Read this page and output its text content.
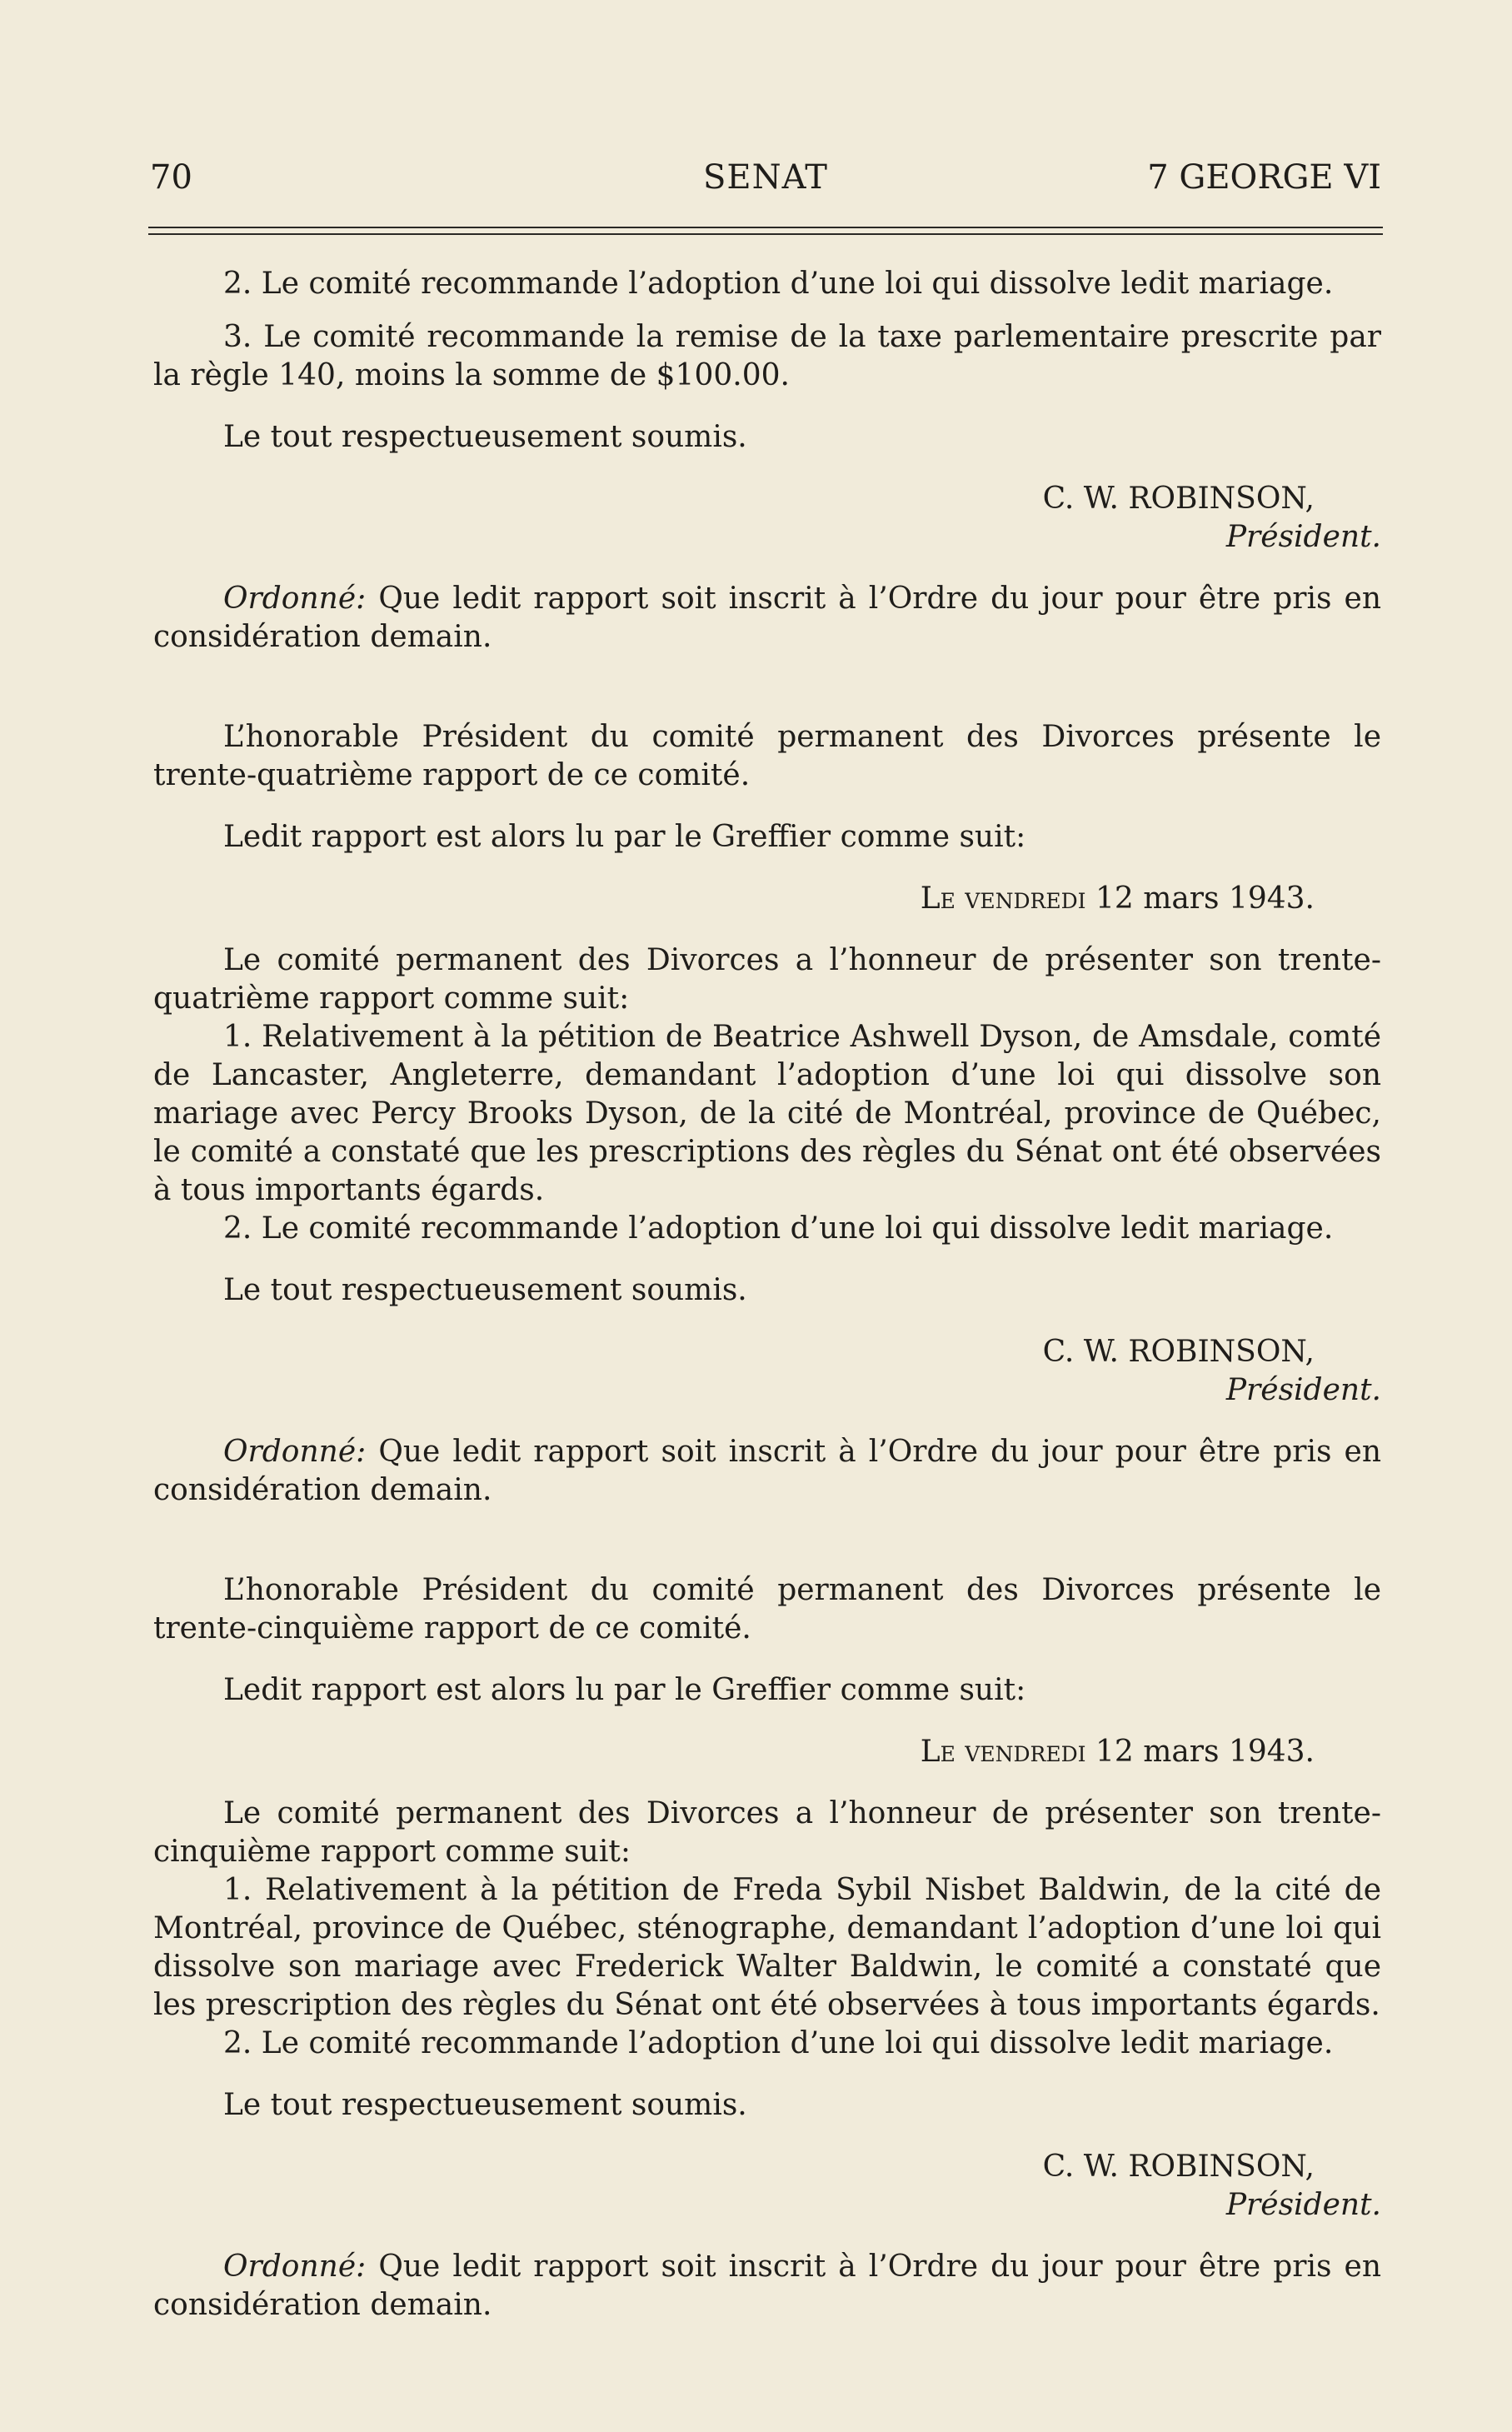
70	SENAT	7 GEORGE VI

2. Le comité recommande l’adoption d’une loi qui dissolve ledit mariage.

3. Le comité recommande la remise de la taxe parlementaire prescrite par la règle 140, moins la somme de $100.00.

Le tout respectueusement soumis.

C. W. ROBINSON,
Président.

Ordonné: Que ledit rapport soit inscrit à l’Ordre du jour pour être pris en considération demain.

L’honorable Président du comité permanent des Divorces présente le trente-quatrième rapport de ce comité.

Ledit rapport est alors lu par le Greffier comme suit:

Le vendredi 12 mars 1943.

Le comité permanent des Divorces a l’honneur de présenter son trente-quatrième rapport comme suit:

1. Relativement à la pétition de Beatrice Ashwell Dyson, de Amsdale, comté de Lancaster, Angleterre, demandant l’adoption d’une loi qui dissolve son mariage avec Percy Brooks Dyson, de la cité de Montréal, province de Québec, le comité a constaté que les prescriptions des règles du Sénat ont été observées à tous importants égards.

2. Le comité recommande l’adoption d’une loi qui dissolve ledit mariage.

Le tout respectueusement soumis.

C. W. ROBINSON,
Président.

Ordonné: Que ledit rapport soit inscrit à l’Ordre du jour pour être pris en considération demain.

L’honorable Président du comité permanent des Divorces présente le trente-cinquième rapport de ce comité.

Ledit rapport est alors lu par le Greffier comme suit:

Le vendredi 12 mars 1943.

Le comité permanent des Divorces a l’honneur de présenter son trente-cinquième rapport comme suit:

1. Relativement à la pétition de Freda Sybil Nisbet Baldwin, de la cité de Montréal, province de Québec, sténographe, demandant l’adoption d’une loi qui dissolve son mariage avec Frederick Walter Baldwin, le comité a constaté que les prescription des règles du Sénat ont été observées à tous importants égards.

2. Le comité recommande l’adoption d’une loi qui dissolve ledit mariage.

Le tout respectueusement soumis.

C. W. ROBINSON,
Président.

Ordonné: Que ledit rapport soit inscrit à l’Ordre du jour pour être pris en considération demain.
